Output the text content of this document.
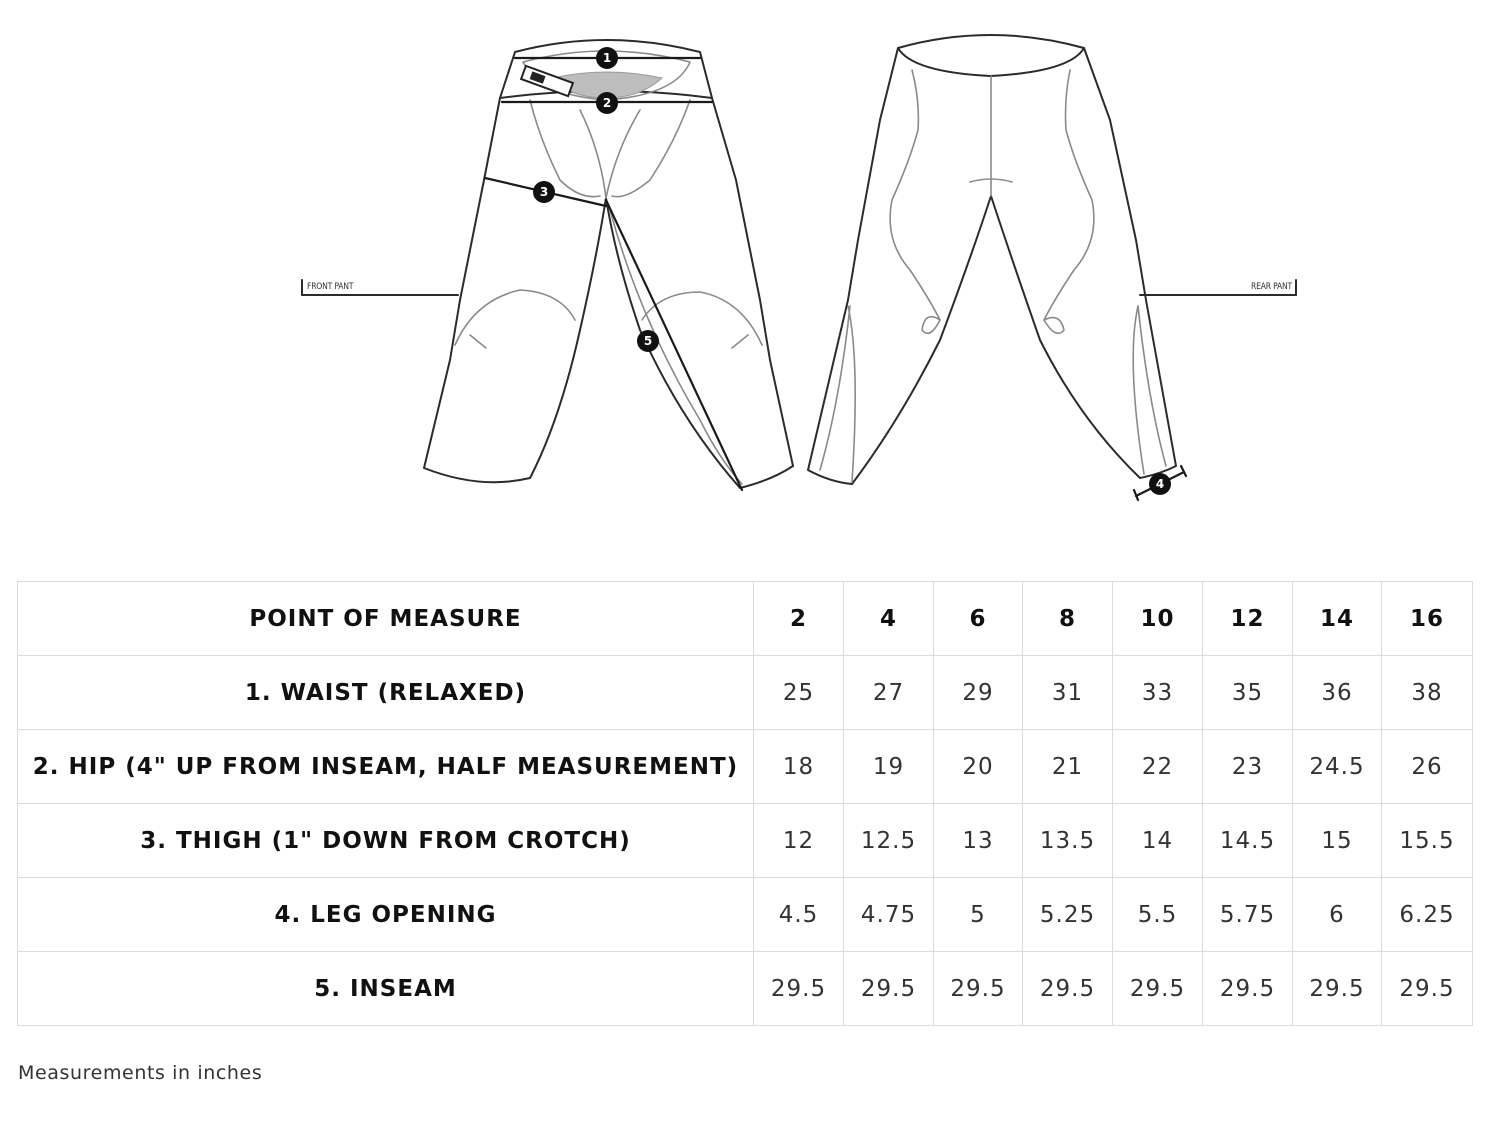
1
2
3
5
FRONT PANT
4
REAR PANT
POINT OF MEASURE	2	4	6	8	10	12	14	16
1. WAIST (RELAXED)	25	27	29	31	33	35	36	38
2. HIP (4" UP FROM INSEAM, HALF MEASUREMENT)	18	19	20	21	22	23	24.5	26
3. THIGH (1" DOWN FROM CROTCH)	12	12.5	13	13.5	14	14.5	15	15.5
4. LEG OPENING	4.5	4.75	5	5.25	5.5	5.75	6	6.25
5. INSEAM	29.5	29.5	29.5	29.5	29.5	29.5	29.5	29.5
Measurements in inches
